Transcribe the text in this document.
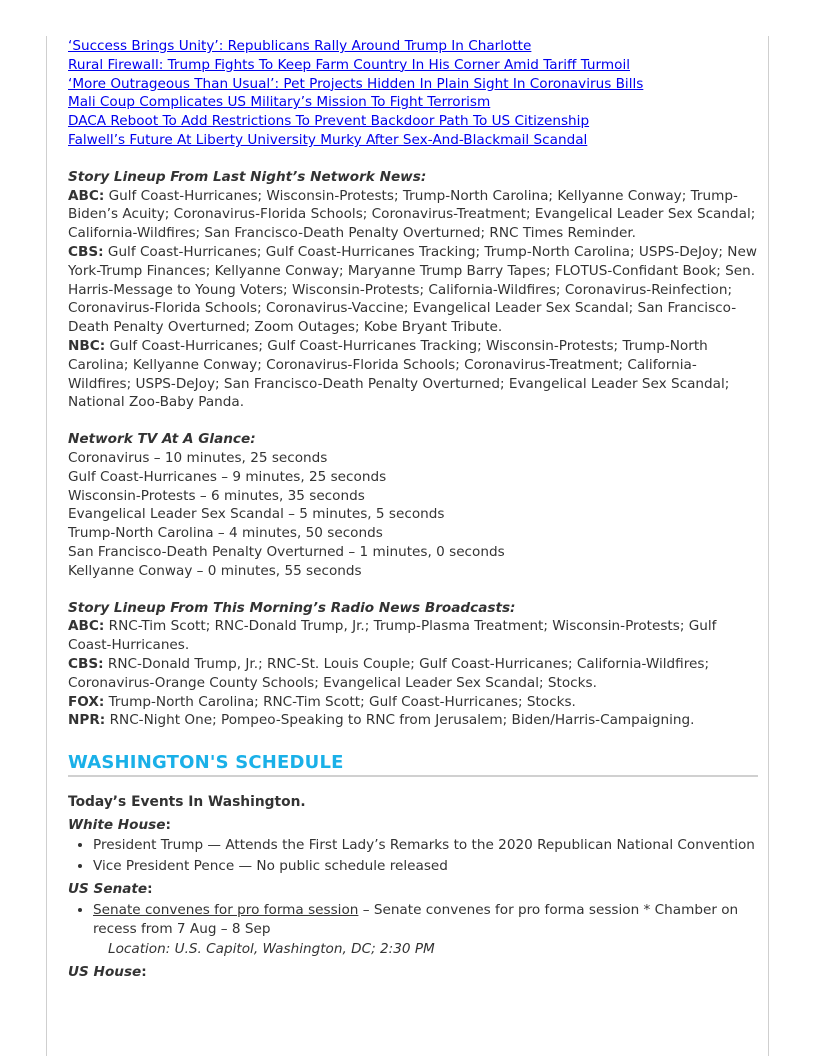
‘Success Brings Unity’: Republicans Rally Around Trump In Charlotte
Rural Firewall: Trump Fights To Keep Farm Country In His Corner Amid Tariff Turmoil
‘More Outrageous Than Usual’: Pet Projects Hidden In Plain Sight In Coronavirus Bills
Mali Coup Complicates US Military’s Mission To Fight Terrorism
DACA Reboot To Add Restrictions To Prevent Backdoor Path To US Citizenship
Falwell’s Future At Liberty University Murky After Sex-And-Blackmail Scandal
Story Lineup From Last Night’s Network News:
ABC: Gulf Coast-Hurricanes; Wisconsin-Protests; Trump-North Carolina; Kellyanne Conway; Trump-Biden’s Acuity; Coronavirus-Florida Schools; Coronavirus-Treatment; Evangelical Leader Sex Scandal; California-Wildfires; San Francisco-Death Penalty Overturned; RNC Times Reminder.
CBS: Gulf Coast-Hurricanes; Gulf Coast-Hurricanes Tracking; Trump-North Carolina; USPS-DeJoy; New York-Trump Finances; Kellyanne Conway; Maryanne Trump Barry Tapes; FLOTUS-Confidant Book; Sen. Harris-Message to Young Voters; Wisconsin-Protests; California-Wildfires; Coronavirus-Reinfection; Coronavirus-Florida Schools; Coronavirus-Vaccine; Evangelical Leader Sex Scandal; San Francisco-Death Penalty Overturned; Zoom Outages; Kobe Bryant Tribute.
NBC: Gulf Coast-Hurricanes; Gulf Coast-Hurricanes Tracking; Wisconsin-Protests; Trump-North Carolina; Kellyanne Conway; Coronavirus-Florida Schools; Coronavirus-Treatment; California-Wildfires; USPS-DeJoy; San Francisco-Death Penalty Overturned; Evangelical Leader Sex Scandal; National Zoo-Baby Panda.
Network TV At A Glance:
Coronavirus – 10 minutes, 25 seconds
Gulf Coast-Hurricanes – 9 minutes, 25 seconds
Wisconsin-Protests – 6 minutes, 35 seconds
Evangelical Leader Sex Scandal – 5 minutes, 5 seconds
Trump-North Carolina – 4 minutes, 50 seconds
San Francisco-Death Penalty Overturned – 1 minutes, 0 seconds
Kellyanne Conway – 0 minutes, 55 seconds
Story Lineup From This Morning’s Radio News Broadcasts:
ABC: RNC-Tim Scott; RNC-Donald Trump, Jr.; Trump-Plasma Treatment; Wisconsin-Protests; Gulf Coast-Hurricanes.
CBS: RNC-Donald Trump, Jr.; RNC-St. Louis Couple; Gulf Coast-Hurricanes; California-Wildfires; Coronavirus-Orange County Schools; Evangelical Leader Sex Scandal; Stocks.
FOX: Trump-North Carolina; RNC-Tim Scott; Gulf Coast-Hurricanes; Stocks.
NPR: RNC-Night One; Pompeo-Speaking to RNC from Jerusalem; Biden/Harris-Campaigning.
WASHINGTON'S SCHEDULE
Today’s Events In Washington.
White House:
• President Trump — Attends the First Lady’s Remarks to the 2020 Republican National Convention
• Vice President Pence — No public schedule released
US Senate:
• Senate convenes for pro forma session – Senate convenes for pro forma session * Chamber on recess from 7 Aug – 8 Sep
Location: U.S. Capitol, Washington, DC; 2:30 PM
US House:
